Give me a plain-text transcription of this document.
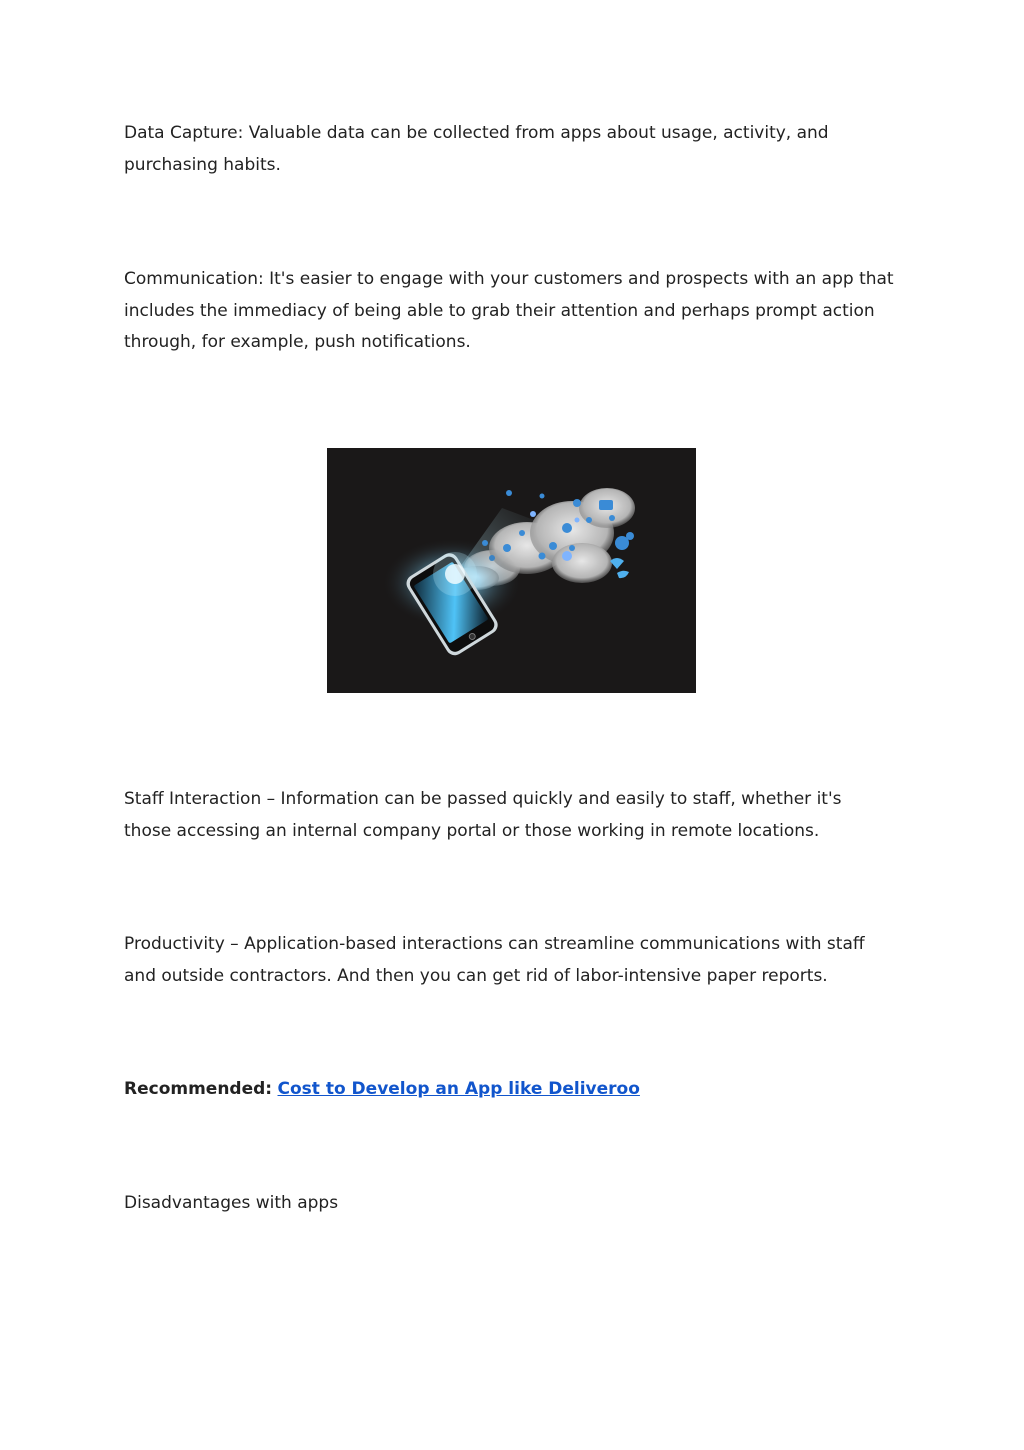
Data Capture: Valuable data can be collected from apps about usage, activity, and purchasing habits.

Communication: It's easier to engage with your customers and prospects with an app that includes the immediacy of being able to grab their attention and perhaps prompt action through, for example, push notifications.

Staff Interaction – Information can be passed quickly and easily to staff, whether it's those accessing an internal company portal or those working in remote locations.

Productivity – Application-based interactions can streamline communications with staff and outside contractors. And then you can get rid of labor-intensive paper reports.

Recommended: Cost to Develop an App like Deliveroo

Disadvantages with apps
